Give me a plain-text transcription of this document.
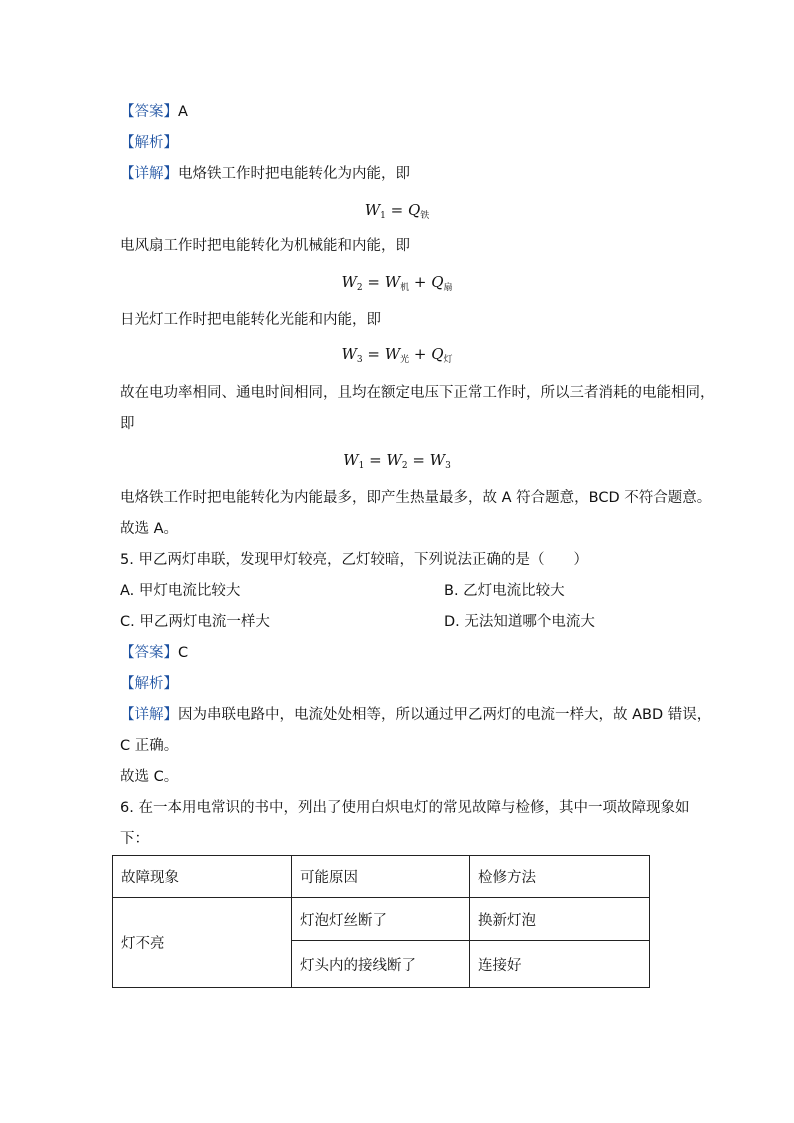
【答案】A
【解析】
【详解】电烙铁工作时把电能转化为内能，即
$W_1 = Q_铁$
电风扇工作时把电能转化为机械能和内能，即
$W_2 = W_机 + Q_扇$
日光灯工作时把电能转化光能和内能，即
$W_3 = W_光 + Q_灯$
故在电功率相同、通电时间相同，且均在额定电压下正常工作时，所以三者消耗的电能相同，
即
$W_1 = W_2 = W_3$
电烙铁工作时把电能转化为内能最多，即产生热量最多，故 A 符合题意，BCD 不符合题意。
故选 A。
5. 甲乙两灯串联，发现甲灯较亮，乙灯较暗，下列说法正确的是（　　）
A. 甲灯电流比较大	B. 乙灯电流比较大
C. 甲乙两灯电流一样大	D. 无法知道哪个电流大
【答案】C
【解析】
【详解】因为串联电路中，电流处处相等，所以通过甲乙两灯的电流一样大，故 ABD 错误，
C 正确。
故选 C。
6. 在一本用电常识的书中，列出了使用白炽电灯的常见故障与检修，其中一项故障现象如
下：
故障现象	可能原因	检修方法
灯不亮	灯泡灯丝断了	换新灯泡
	灯头内的接线断了	连接好
